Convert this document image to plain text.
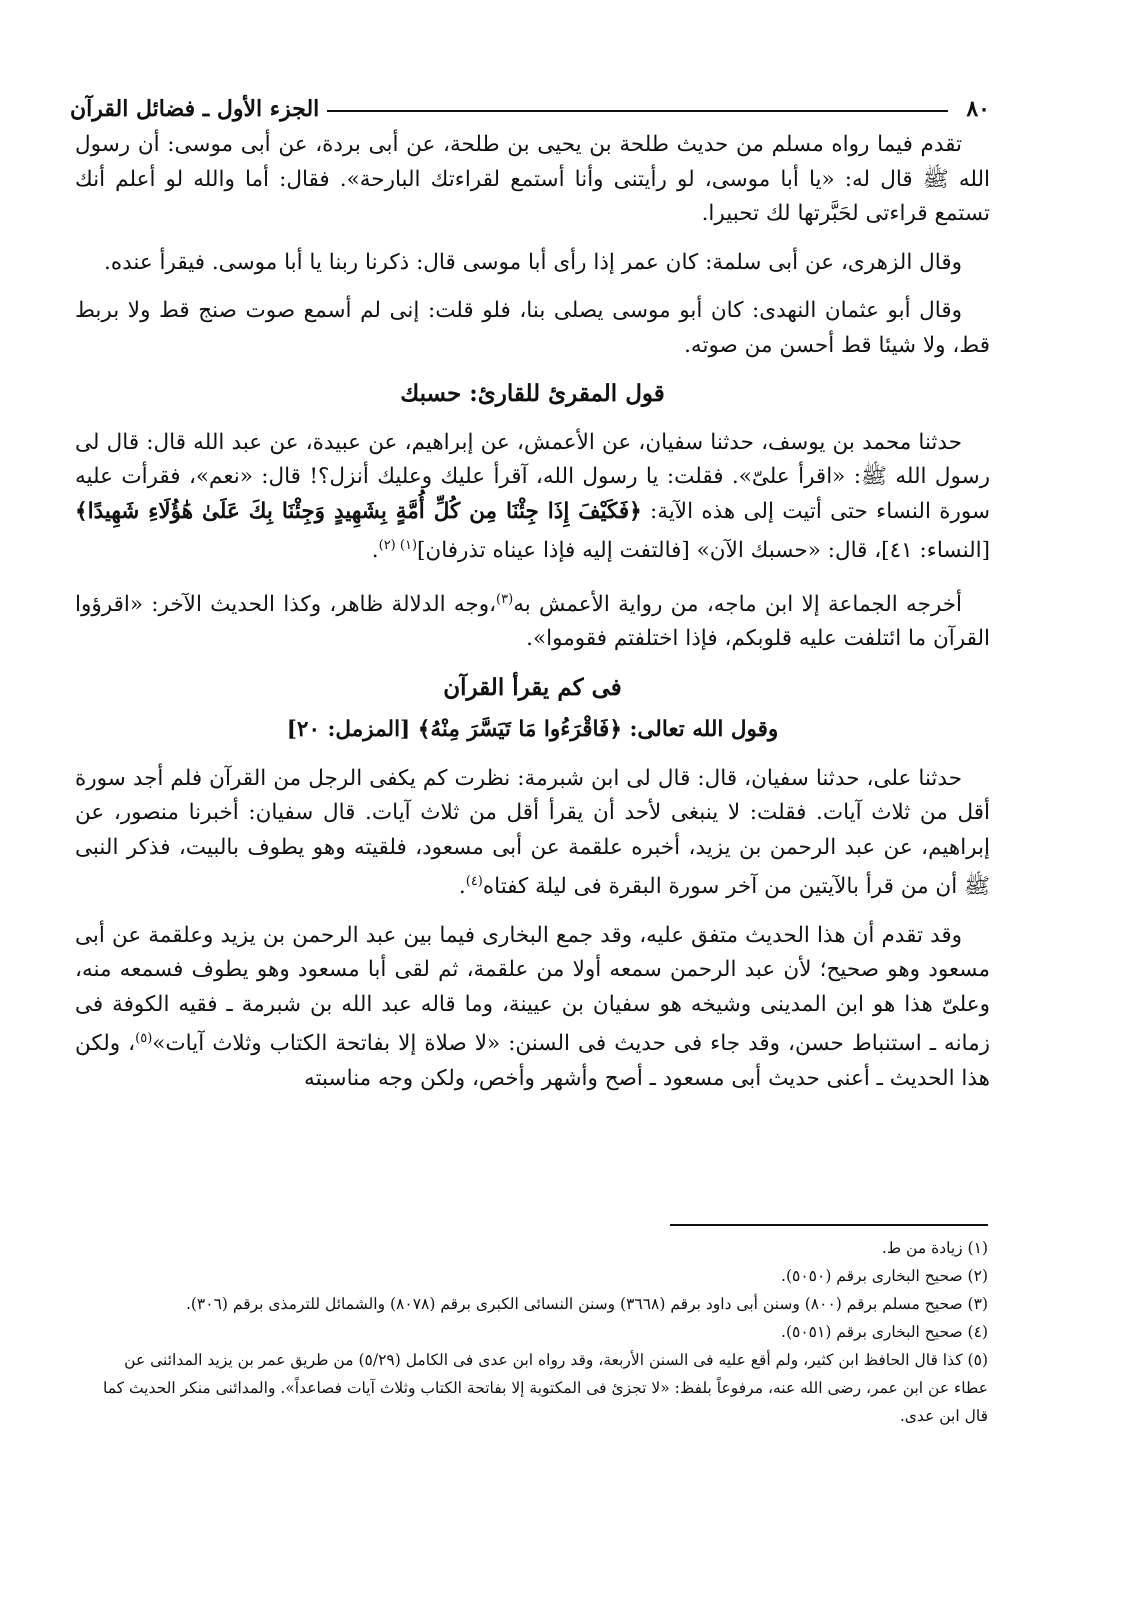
٨٠
الجزء الأول ـ فضائل القرآن

تقدم فيما رواه مسلم من حديث طلحة بن يحيى بن طلحة، عن أبى بردة، عن أبى موسى: أن رسول الله ﷺ قال له: «يا أبا موسى، لو رأيتنى وأنا أستمع لقراءتك البارحة». فقال: أما والله لو أعلم أنك تستمع قراءتى لحَبَّرتها لك تحبيرا.

وقال الزهرى، عن أبى سلمة: كان عمر إذا رأى أبا موسى قال: ذكرنا ربنا يا أبا موسى. فيقرأ عنده.

وقال أبو عثمان النهدى: كان أبو موسى يصلى بنا، فلو قلت: إنى لم أسمع صوت صنج قط ولا بربط قط، ولا شيئا قط أحسن من صوته.

قول المقرئ للقارئ: حسبك

حدثنا محمد بن يوسف، حدثنا سفيان، عن الأعمش، عن إبراهيم، عن عبيدة، عن عبد الله قال: قال لى رسول الله ﷺ: «اقرأ علىّ». فقلت: يا رسول الله، آقرأ عليك وعليك أنزل؟! قال: «نعم»، فقرأت عليه سورة النساء حتى أتيت إلى هذه الآية: ﴿فَكَيْفَ إِذَا جِئْنَا مِن كُلِّ أُمَّةٍ بِشَهِيدٍ وَجِئْنَا بِكَ عَلَىٰ هَٰؤُلَاءِ شَهِيدًا﴾ [النساء: ٤١]، قال: «حسبك الآن» [فالتفت إليه فإذا عيناه تذرفان]$^{(١) (٢)}$.

أخرجه الجماعة إلا ابن ماجه، من رواية الأعمش به$^{(٣)}$،وجه الدلالة ظاهر، وكذا الحديث الآخر: «اقرؤوا القرآن ما ائتلفت عليه قلوبكم، فإذا اختلفتم فقوموا».

فى كم يقرأ القرآن
وقول الله تعالى: ﴿فَاقْرَءُوا مَا تَيَسَّرَ مِنْهُ﴾ [المزمل: ٢٠]

حدثنا على، حدثنا سفيان، قال: قال لى ابن شبرمة: نظرت كم يكفى الرجل من القرآن فلم أجد سورة أقل من ثلاث آيات. فقلت: لا ينبغى لأحد أن يقرأ أقل من ثلاث آيات. قال سفيان: أخبرنا منصور، عن إبراهيم، عن عبد الرحمن بن يزيد، أخبره علقمة عن أبى مسعود، فلقيته وهو يطوف بالبيت، فذكر النبى ﷺ أن من قرأ بالآيتين من آخر سورة البقرة فى ليلة كفتاه$^{(٤)}$.

وقد تقدم أن هذا الحديث متفق عليه، وقد جمع البخارى فيما بين عبد الرحمن بن يزيد وعلقمة عن أبى مسعود وهو صحيح؛ لأن عبد الرحمن سمعه أولا من علقمة، ثم لقى أبا مسعود وهو يطوف فسمعه منه، وعلىّ هذا هو ابن المدينى وشيخه هو سفيان بن عيينة، وما قاله عبد الله بن شبرمة ـ فقيه الكوفة فى زمانه ـ استنباط حسن، وقد جاء فى حديث فى السنن: «لا صلاة إلا بفاتحة الكتاب وثلاث آيات»$^{(٥)}$، ولكن هذا الحديث ـ أعنى حديث أبى مسعود ـ أصح وأشهر وأخص، ولكن وجه مناسبته

(١) زيادة من ط.
(٢) صحيح البخارى برقم (٥٠٥٠).
(٣) صحيح مسلم برقم (٨٠٠) وسنن أبى داود برقم (٣٦٦٨) وسنن النسائى الكبرى برقم (٨٠٧٨) والشمائل للترمذى برقم (٣٠٦).
(٤) صحيح البخارى برقم (٥٠٥١).
(٥) كذا قال الحافظ ابن كثير، ولم أقع عليه فى السنن الأربعة، وقد رواه ابن عدى فى الكامل (٥/٢٩) من طريق عمر بن يزيد المدائنى عن عطاء عن ابن عمر، رضى الله عنه، مرفوعاً بلفظ: «لا تجزئ فى المكتوبة إلا بفاتحة الكتاب وثلاث آيات فصاعداً». والمدائنى منكر الحديث كما قال ابن عدى.
